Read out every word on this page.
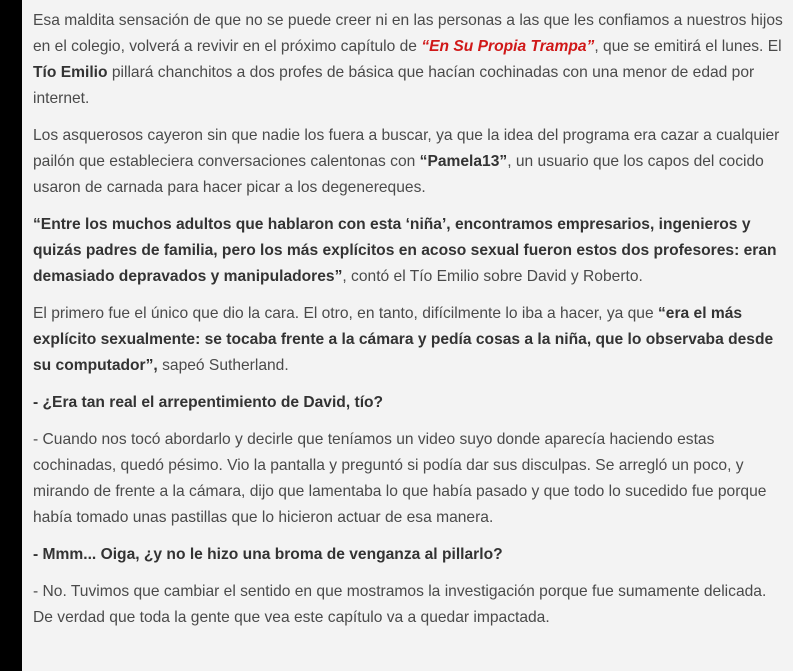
Esa maldita sensación de que no se puede creer ni en las personas a las que les confiamos a nuestros hijos en el colegio, volverá a revivir en el próximo capítulo de “En Su Propia Trampa”, que se emitirá el lunes. El Tío Emilio pillará chanchitos a dos profes de básica que hacían cochinadas con una menor de edad por internet.

Los asquerosos cayeron sin que nadie los fuera a buscar, ya que la idea del programa era cazar a cualquier pailón que estableciera conversaciones calentonas con “Pamela13”, un usuario que los capos del cocido usaron de carnada para hacer picar a los degenereques.

“Entre los muchos adultos que hablaron con esta ‘niña’, encontramos empresarios, ingenieros y quizás padres de familia, pero los más explícitos en acoso sexual fueron estos dos profesores: eran demasiado depravados y manipuladores”, contó el Tío Emilio sobre David y Roberto.

El primero fue el único que dio la cara. El otro, en tanto, difícilmente lo iba a hacer, ya que “era el más explícito sexualmente: se tocaba frente a la cámara y pedía cosas a la niña, que lo observaba desde su computador”, sapeó Sutherland.

- ¿Era tan real el arrepentimiento de David, tío?

- Cuando nos tocó abordarlo y decirle que teníamos un video suyo donde aparecía haciendo estas cochinadas, quedó pésimo. Vio la pantalla y preguntó si podía dar sus disculpas. Se arregló un poco, y mirando de frente a la cámara, dijo que lamentaba lo que había pasado y que todo lo sucedido fue porque había tomado unas pastillas que lo hicieron actuar de esa manera.

- Mmm... Oiga, ¿y no le hizo una broma de venganza al pillarlo?

- No. Tuvimos que cambiar el sentido en que mostramos la investigación porque fue sumamente delicada. De verdad que toda la gente que vea este capítulo va a quedar impactada.
